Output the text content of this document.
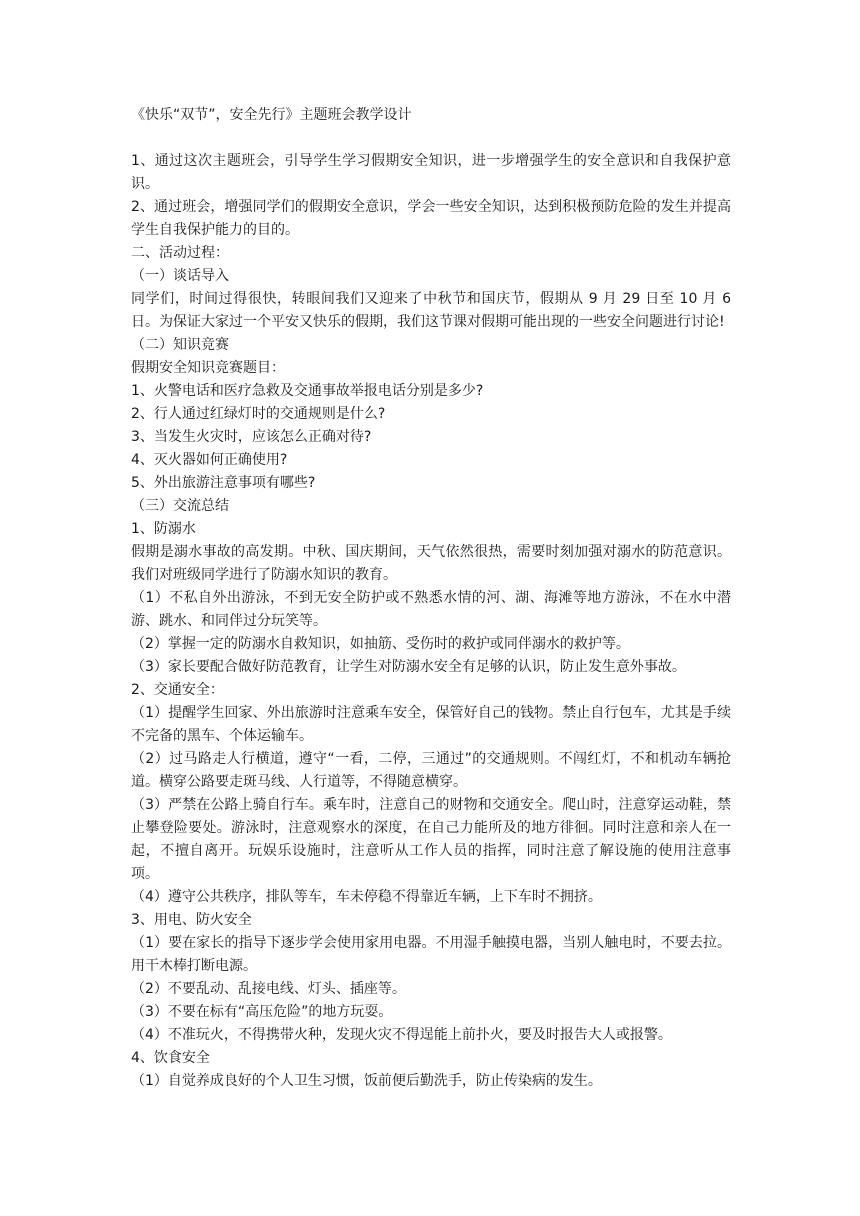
《快乐“双节”，安全先行》主题班会教学设计

1、通过这次主题班会，引导学生学习假期安全知识，进一步增强学生的安全意识和自我保护意识。

2、通过班会，增强同学们的假期安全意识，学会一些安全知识，达到积极预防危险的发生并提高学生自我保护能力的目的。

二、活动过程：

（一）谈话导入

同学们，时间过得很快，转眼间我们又迎来了中秋节和国庆节，假期从 9 月 29 日至 10 月 6 日。为保证大家过一个平安又快乐的假期，我们这节课对假期可能出现的一些安全问题进行讨论!

（二）知识竞赛

假期安全知识竞赛题目：

1、火警电话和医疗急救及交通事故举报电话分别是多少?

2、行人通过红绿灯时的交通规则是什么?

3、当发生火灾时，应该怎么正确对待?

4、灭火器如何正确使用?

5、外出旅游注意事项有哪些?

（三）交流总结

1、防溺水

假期是溺水事故的高发期。中秋、国庆期间，天气依然很热，需要时刻加强对溺水的防范意识。我们对班级同学进行了防溺水知识的教育。

（1）不私自外出游泳，不到无安全防护或不熟悉水情的河、湖、海滩等地方游泳，不在水中潜游、跳水、和同伴过分玩笑等。

（2）掌握一定的防溺水自救知识，如抽筋、受伤时的救护或同伴溺水的救护等。

（3）家长要配合做好防范教育，让学生对防溺水安全有足够的认识，防止发生意外事故。

2、交通安全：

（1）提醒学生回家、外出旅游时注意乘车安全，保管好自己的钱物。禁止自行包车，尤其是手续不完备的黑车、个体运输车。

（2）过马路走人行横道，遵守“一看，二停，三通过”的交通规则。不闯红灯，不和机动车辆抢道。横穿公路要走斑马线、人行道等，不得随意横穿。

（3）严禁在公路上骑自行车。乘车时，注意自己的财物和交通安全。爬山时，注意穿运动鞋，禁止攀登险要处。游泳时，注意观察水的深度，在自己力能所及的地方徘徊。同时注意和亲人在一起，不擅自离开。玩娱乐设施时，注意听从工作人员的指挥，同时注意了解设施的使用注意事项。

（4）遵守公共秩序，排队等车，车未停稳不得靠近车辆，上下车时不拥挤。

3、用电、防火安全

（1）要在家长的指导下逐步学会使用家用电器。不用湿手触摸电器，当别人触电时，不要去拉。用干木棒打断电源。

（2）不要乱动、乱接电线、灯头、插座等。

（3）不要在标有“高压危险”的地方玩耍。

（4）不准玩火，不得携带火种，发现火灾不得逞能上前扑火，要及时报告大人或报警。

4、饮食安全

（1）自觉养成良好的个人卫生习惯，饭前便后勤洗手，防止传染病的发生。
